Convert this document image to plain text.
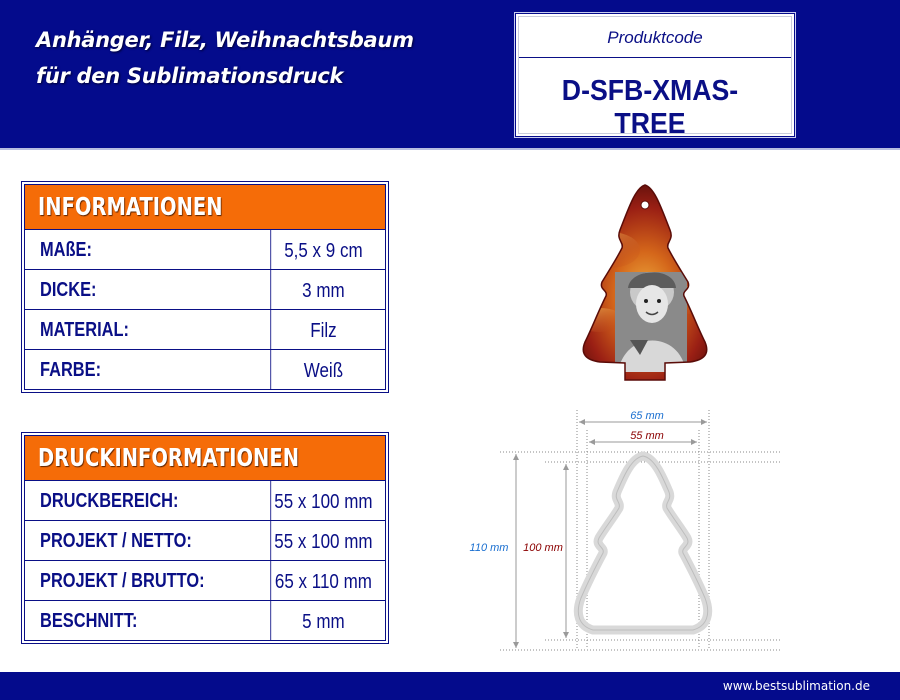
Anhänger, Filz, Weihnachtsbaum
für den Sublimationsdruck
Produktcode
D-SFB-XMAS-TREE
INFORMATIONEN
MAßE:	5,5 x 9 cm
DICKE:	3 mm
MATERIAL:	Filz
FARBE:	Weiß
DRUCKINFORMATIONEN
DRUCKBEREICH:	55 x 100 mm
PROJEKT / NETTO:	55 x 100 mm
PROJEKT / BRUTTO:	65 x 110 mm
BESCHNITT:	5 mm
65 mm
55 mm
110 mm 100 mm
www.bestsublimation.de
